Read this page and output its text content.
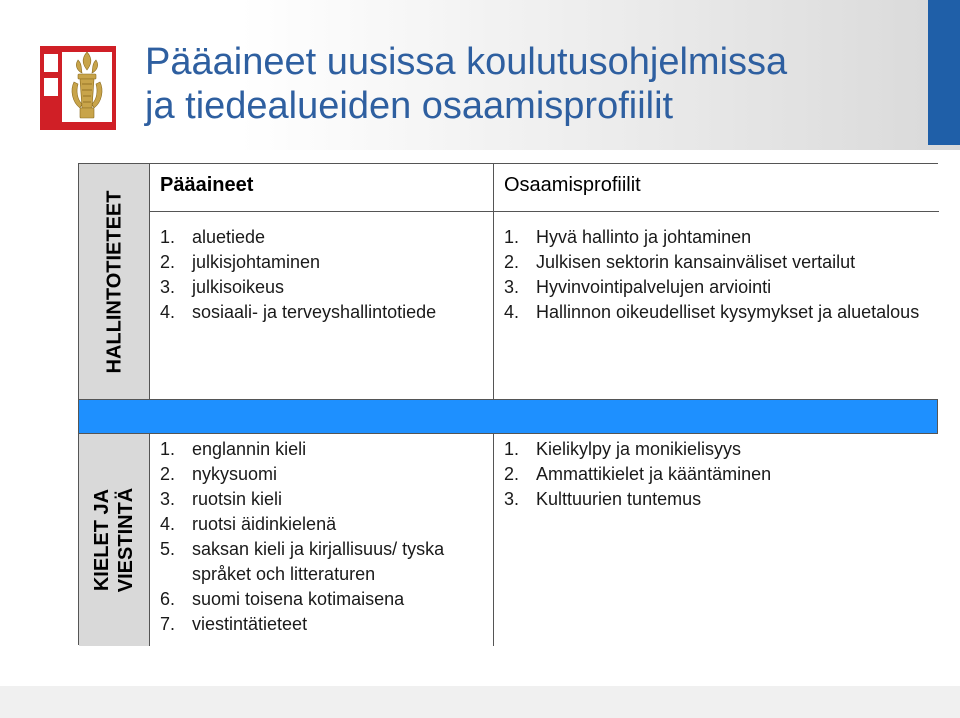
Pääaineet uusissa koulutusohjelmissa
ja tiedealueiden osaamisprofiilit
HALLINTOTIETEET
Pääaineet
1. aluetiede
2. julkisjohtaminen
3. julkisoikeus
4. sosiaali- ja terveyshallintotiede
Osaamisprofiilit
1. Hyvä hallinto ja johtaminen
2. Julkisen sektorin kansainväliset vertailut
3. Hyvinvointipalvelujen arviointi
4. Hallinnon oikeudelliset kysymykset ja aluetalous
KIELET JA VIESTINTÄ
1. englannin kieli
2. nykysuomi
3. ruotsin kieli
4. ruotsi äidinkielenä
5. saksan kieli ja kirjallisuus/ tyska språket och litteraturen
6. suomi toisena kotimaisena
7. viestintätieteet
1. Kielikylpy ja monikielisyys
2. Ammattikielet ja kääntäminen
3. Kulttuurien tuntemus
